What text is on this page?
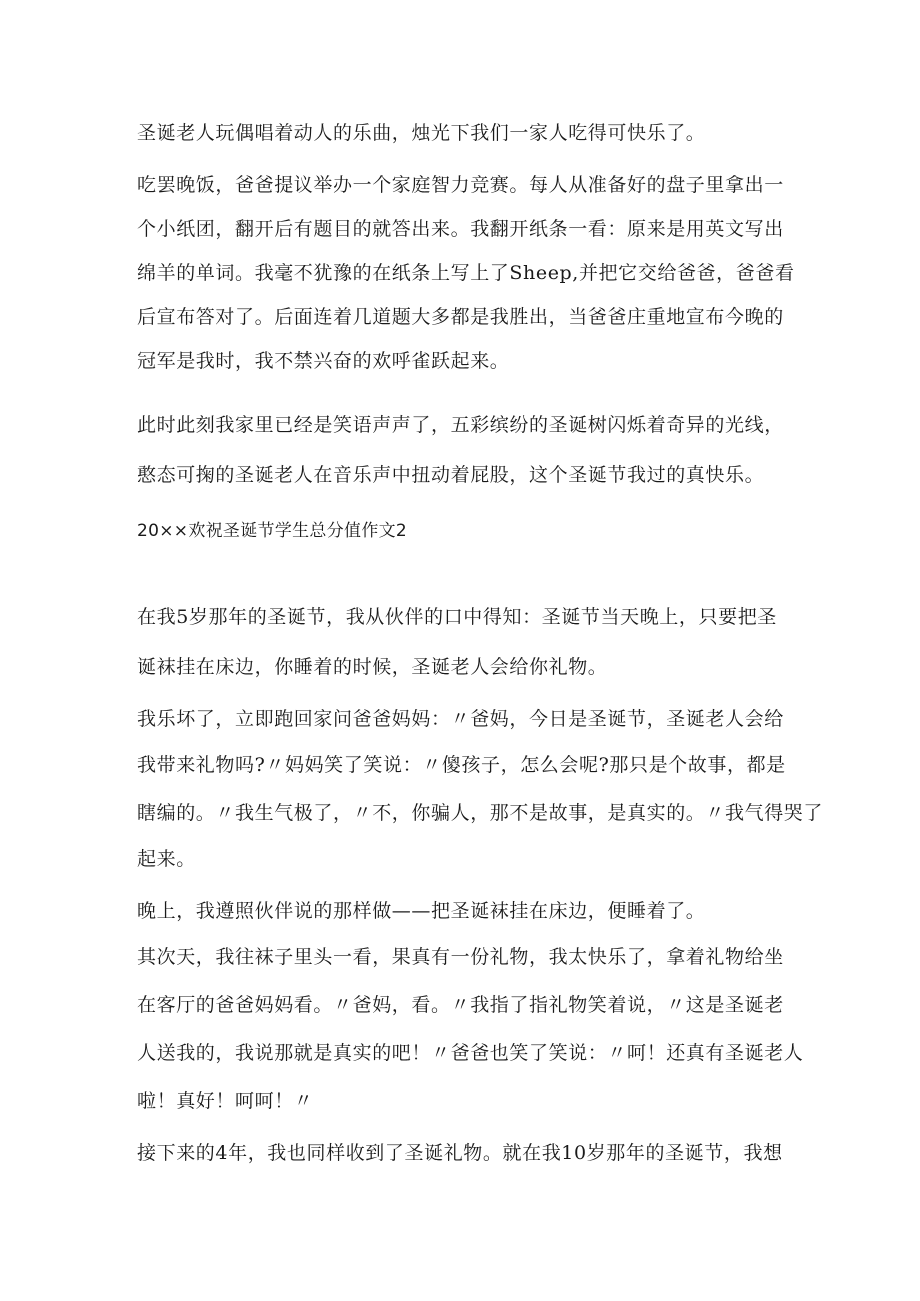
圣诞老人玩偶唱着动人的乐曲，烛光下我们一家人吃得可快乐了。
吃罢晚饭，爸爸提议举办一个家庭智力竞赛。每人从准备好的盘子里拿出一
个小纸团，翻开后有题目的就答出来。我翻开纸条一看：原来是用英文写出
绵羊的单词。我毫不犹豫的在纸条上写上了Sheep,并把它交给爸爸，爸爸看
后宣布答对了。后面连着几道题大多都是我胜出，当爸爸庄重地宣布今晚的
冠军是我时，我不禁兴奋的欢呼雀跃起来。
此时此刻我家里已经是笑语声声了，五彩缤纷的圣诞树闪烁着奇异的光线，
憨态可掬的圣诞老人在音乐声中扭动着屁股，这个圣诞节我过的真快乐。
20××欢祝圣诞节学生总分值作文2
在我5岁那年的圣诞节，我从伙伴的口中得知：圣诞节当天晚上，只要把圣
诞袜挂在床边，你睡着的时候，圣诞老人会给你礼物。
我乐坏了，立即跑回家问爸爸妈妈：〃爸妈，今日是圣诞节，圣诞老人会给
我带来礼物吗?〃妈妈笑了笑说：〃傻孩子，怎么会呢?那只是个故事，都是
瞎编的。〃我生气极了，〃不，你骗人，那不是故事，是真实的。〃我气得哭了
起来。
晚上，我遵照伙伴说的那样做——把圣诞袜挂在床边，便睡着了。
其次天，我往袜子里头一看，果真有一份礼物，我太快乐了，拿着礼物给坐
在客厅的爸爸妈妈看。〃爸妈，看。〃我指了指礼物笑着说，〃这是圣诞老
人送我的，我说那就是真实的吧！〃爸爸也笑了笑说：〃呵！还真有圣诞老人
啦！真好！呵呵！〃
接下来的4年，我也同样收到了圣诞礼物。就在我10岁那年的圣诞节，我想
